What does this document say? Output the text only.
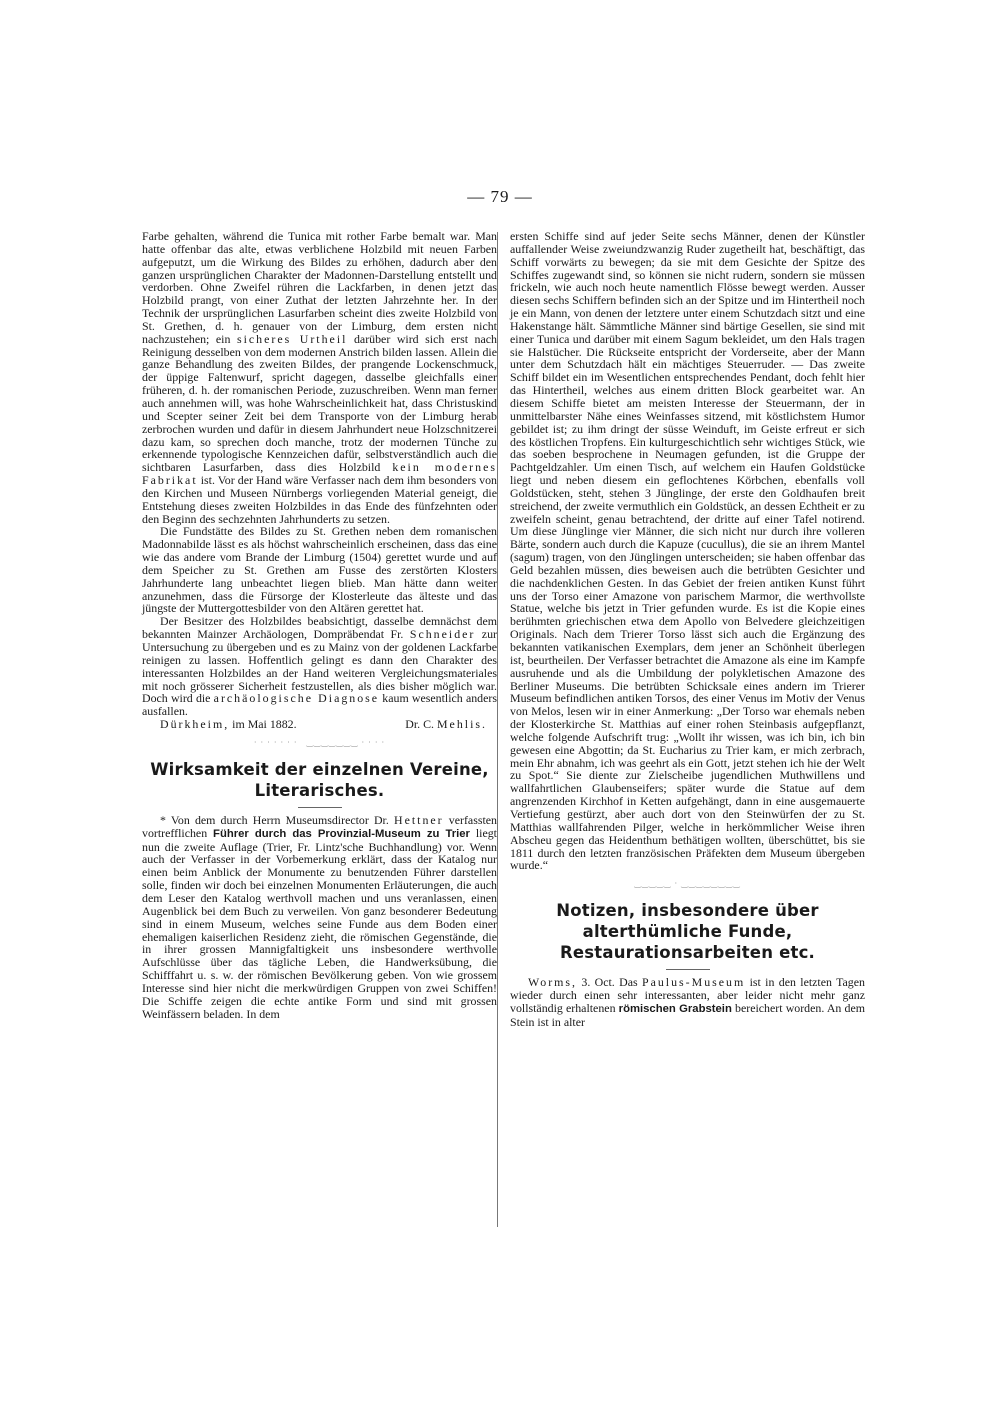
— 79 —

Farbe gehalten, während die Tunica mit rother Farbe bemalt war. Man hatte offenbar das alte, etwas verblichene Holzbild mit neuen Farben aufgeputzt, um die Wirkung des Bildes zu erhöhen, dadurch aber den ganzen ursprünglichen Charakter der Madonnen-Darstellung entstellt und verdorben. Ohne Zweifel rühren die Lackfarben, in denen jetzt das Holzbild prangt, von einer Zuthat der letzten Jahrzehnte her. In der Technik der ursprünglichen Lasurfarben scheint dies zweite Holzbild von St. Grethen, d. h. genauer von der Limburg, dem ersten nicht nachzustehen; ein sicheres Urtheil darüber wird sich erst nach Reinigung desselben von dem modernen Anstrich bilden lassen. Allein die ganze Behandlung des zweiten Bildes, der prangende Lockenschmuck, der üppige Faltenwurf, spricht dagegen, dasselbe gleichfalls einer früheren, d. h. der romanischen Periode, zuzuschreiben. Wenn man ferner auch annehmen will, was hohe Wahrscheinlichkeit hat, dass Christuskind und Scepter seiner Zeit bei dem Transporte von der Limburg herab zerbrochen wurden und dafür in diesem Jahrhundert neue Holzschnitzerei dazu kam, so sprechen doch manche, trotz der modernen Tünche zu erkennende typologische Kennzeichen dafür, selbstverständlich auch die sichtbaren Lasurfarben, dass dies Holzbild kein modernes Fabrikat ist. Vor der Hand wäre Verfasser nach dem ihm besonders von den Kirchen und Museen Nürnbergs vorliegenden Material geneigt, die Entstehung dieses zweiten Holzbildes in das Ende des fünfzehnten oder den Beginn des sechzehnten Jahrhunderts zu setzen.

Die Fundstätte des Bildes zu St. Grethen neben dem romanischen Madonnabilde lässt es als höchst wahrscheinlich erscheinen, dass das eine wie das andere vom Brande der Limburg (1504) gerettet wurde und auf dem Speicher zu St. Grethen am Fusse des zerstörten Klosters Jahrhunderte lang unbeachtet liegen blieb. Man hätte dann weiter anzunehmen, dass die Fürsorge der Klosterleute das älteste und das jüngste der Muttergottesbilder von den Altären gerettet hat.

Der Besitzer des Holzbildes beabsichtigt, dasselbe demnächst dem bekannten Mainzer Archäologen, Dompräbendat Fr. Schneider zur Untersuchung zu übergeben und es zu Mainz von der goldenen Lackfarbe reinigen zu lassen. Hoffentlich gelingt es dann den Charakter des interessanten Holzbildes an der Hand weiteren Vergleichungsmateriales mit noch grösserer Sicherheit festzustellen, als dies bisher möglich war. Doch wird die archäologische Diagnose kaum wesentlich anders ausfallen.

Dürkheim, im Mai 1882.	Dr. C. Mehlis.
· · · · · · ·⁠ ⁠ ⁠ ⁠‿‿‿‿‿‿‿ · · · ·
Wirksamkeit der einzelnen Vereine, Literarisches.

* Von dem durch Herrn Museumsdirector Dr. Hettner verfassten vortrefflichen Führer durch das Provinzial-Museum zu Trier liegt nun die zweite Auflage (Trier, Fr. Lintz'sche Buchhandlung) vor. Wenn auch der Verfasser in der Vorbemerkung erklärt, dass der Katalog nur einen beim Anblick der Monumente zu benutzenden Führer darstellen solle, finden wir doch bei einzelnen Monumenten Erläuterungen, die auch dem Leser den Katalog werthvoll machen und uns veranlassen, einen Augenblick bei dem Buch zu verweilen. Von ganz besonderer Bedeutung sind in einem Museum, welches seine Funde aus dem Boden einer ehemaligen kaiserlichen Residenz zieht, die römischen Gegenstände, die in ihrer grossen Mannigfaltigkeit uns insbesondere werthvolle Aufschlüsse über das tägliche Leben, die Handwerksübung, die Schifffahrt u. s. w. der römischen Bevölkerung geben. Von wie grossem Interesse sind hier nicht die merkwürdigen Gruppen von zwei Schiffen! Die Schiffe zeigen die echte antike Form und sind mit grossen Weinfässern beladen. In dem

ersten Schiffe sind auf jeder Seite sechs Männer, denen der Künstler auffallender Weise zweiundzwanzig Ruder zugetheilt hat, beschäftigt, das Schiff vorwärts zu bewegen; da sie mit dem Gesichte der Spitze des Schiffes zugewandt sind, so können sie nicht rudern, sondern sie müssen frickeln, wie auch noch heute namentlich Flösse bewegt werden. Ausser diesen sechs Schiffern befinden sich an der Spitze und im Hintertheil noch je ein Mann, von denen der letztere unter einem Schutzdach sitzt und eine Hakenstange hält. Sämmtliche Männer sind bärtige Gesellen, sie sind mit einer Tunica und darüber mit einem Sagum bekleidet, um den Hals tragen sie Halstücher. Die Rückseite entspricht der Vorderseite, aber der Mann unter dem Schutzdach hält ein mächtiges Steuerruder. — Das zweite Schiff bildet ein im Wesentlichen entsprechendes Pendant, doch fehlt hier das Hintertheil, welches aus einem dritten Block gearbeitet war. An diesem Schiffe bietet am meisten Interesse der Steuermann, der in unmittelbarster Nähe eines Weinfasses sitzend, mit köstlichstem Humor gebildet ist; zu ihm dringt der süsse Weinduft, im Geiste erfreut er sich des köstlichen Tropfens. Ein kulturgeschichtlich sehr wichtiges Stück, wie das soeben besprochene in Neumagen gefunden, ist die Gruppe der Pachtgeldzahler. Um einen Tisch, auf welchem ein Haufen Goldstücke liegt und neben diesem ein geflochtenes Körbchen, ebenfalls voll Goldstücken, steht, stehen 3 Jünglinge, der erste den Goldhaufen breit streichend, der zweite vermuthlich ein Goldstück, an dessen Echtheit er zu zweifeln scheint, genau betrachtend, der dritte auf einer Tafel notirend. Um diese Jünglinge vier Männer, die sich nicht nur durch ihre volleren Bärte, sondern auch durch die Kapuze (cucullus), die sie an ihrem Mantel (sagum) tragen, von den Jünglingen unterscheiden; sie haben offenbar das Geld bezahlen müssen, dies beweisen auch die betrübten Gesichter und die nachdenklichen Gesten. In das Gebiet der freien antiken Kunst führt uns der Torso einer Amazone von parischem Marmor, die werthvollste Statue, welche bis jetzt in Trier gefunden wurde. Es ist die Kopie eines berühmten griechischen etwa dem Apollo von Belvedere gleichzeitigen Originals. Nach dem Trierer Torso lässt sich auch die Ergänzung des bekannten vatikanischen Exemplars, dem jener an Schönheit überlegen ist, beurtheilen. Der Verfasser betrachtet die Amazone als eine im Kampfe ausruhende und als die Umbildung der polykletischen Amazone des Berliner Museums. Die betrübten Schicksale eines andern im Trierer Museum befindlichen antiken Torsos, des einer Venus im Motiv der Venus von Melos, lesen wir in einer Anmerkung: „Der Torso war ehemals neben der Klosterkirche St. Matthias auf einer rohen Steinbasis aufgepflanzt, welche folgende Aufschrift trug: „Wollt ihr wissen, was ich bin, ich bin gewesen eine Abgottin; da St. Eucharius zu Trier kam, er mich zerbrach, mein Ehr abnahm, ich was geehrt als ein Gott, jetzt stehen ich hie der Welt zu Spot.“ Sie diente zur Zielscheibe jugendlichen Muthwillens und wallfahrtlichen Glaubenseifers; später wurde die Statue auf dem angrenzenden Kirchhof in Ketten aufgehängt, dann in eine ausgemauerte Vertiefung gestürzt, aber auch dort von den Steinwürfen der zu St. Matthias wallfahrenden Pilger, welche in herkömmlicher Weise ihren Abscheu gegen das Heidenthum bethätigen wollten, überschüttet, bis sie 1811 durch den letzten französischen Präfekten dem Museum übergeben wurde.“

‿‿‿‿‿ · ‿‿‿‿‿‿‿‿
Notizen, insbesondere über alterthümliche Funde, Restaurationsarbeiten etc.

Worms, 3. Oct. Das Paulus-Museum ist in den letzten Tagen wieder durch einen sehr interessanten, aber leider nicht mehr ganz vollständig erhaltenen römischen Grabstein bereichert worden. An dem Stein ist in alter
